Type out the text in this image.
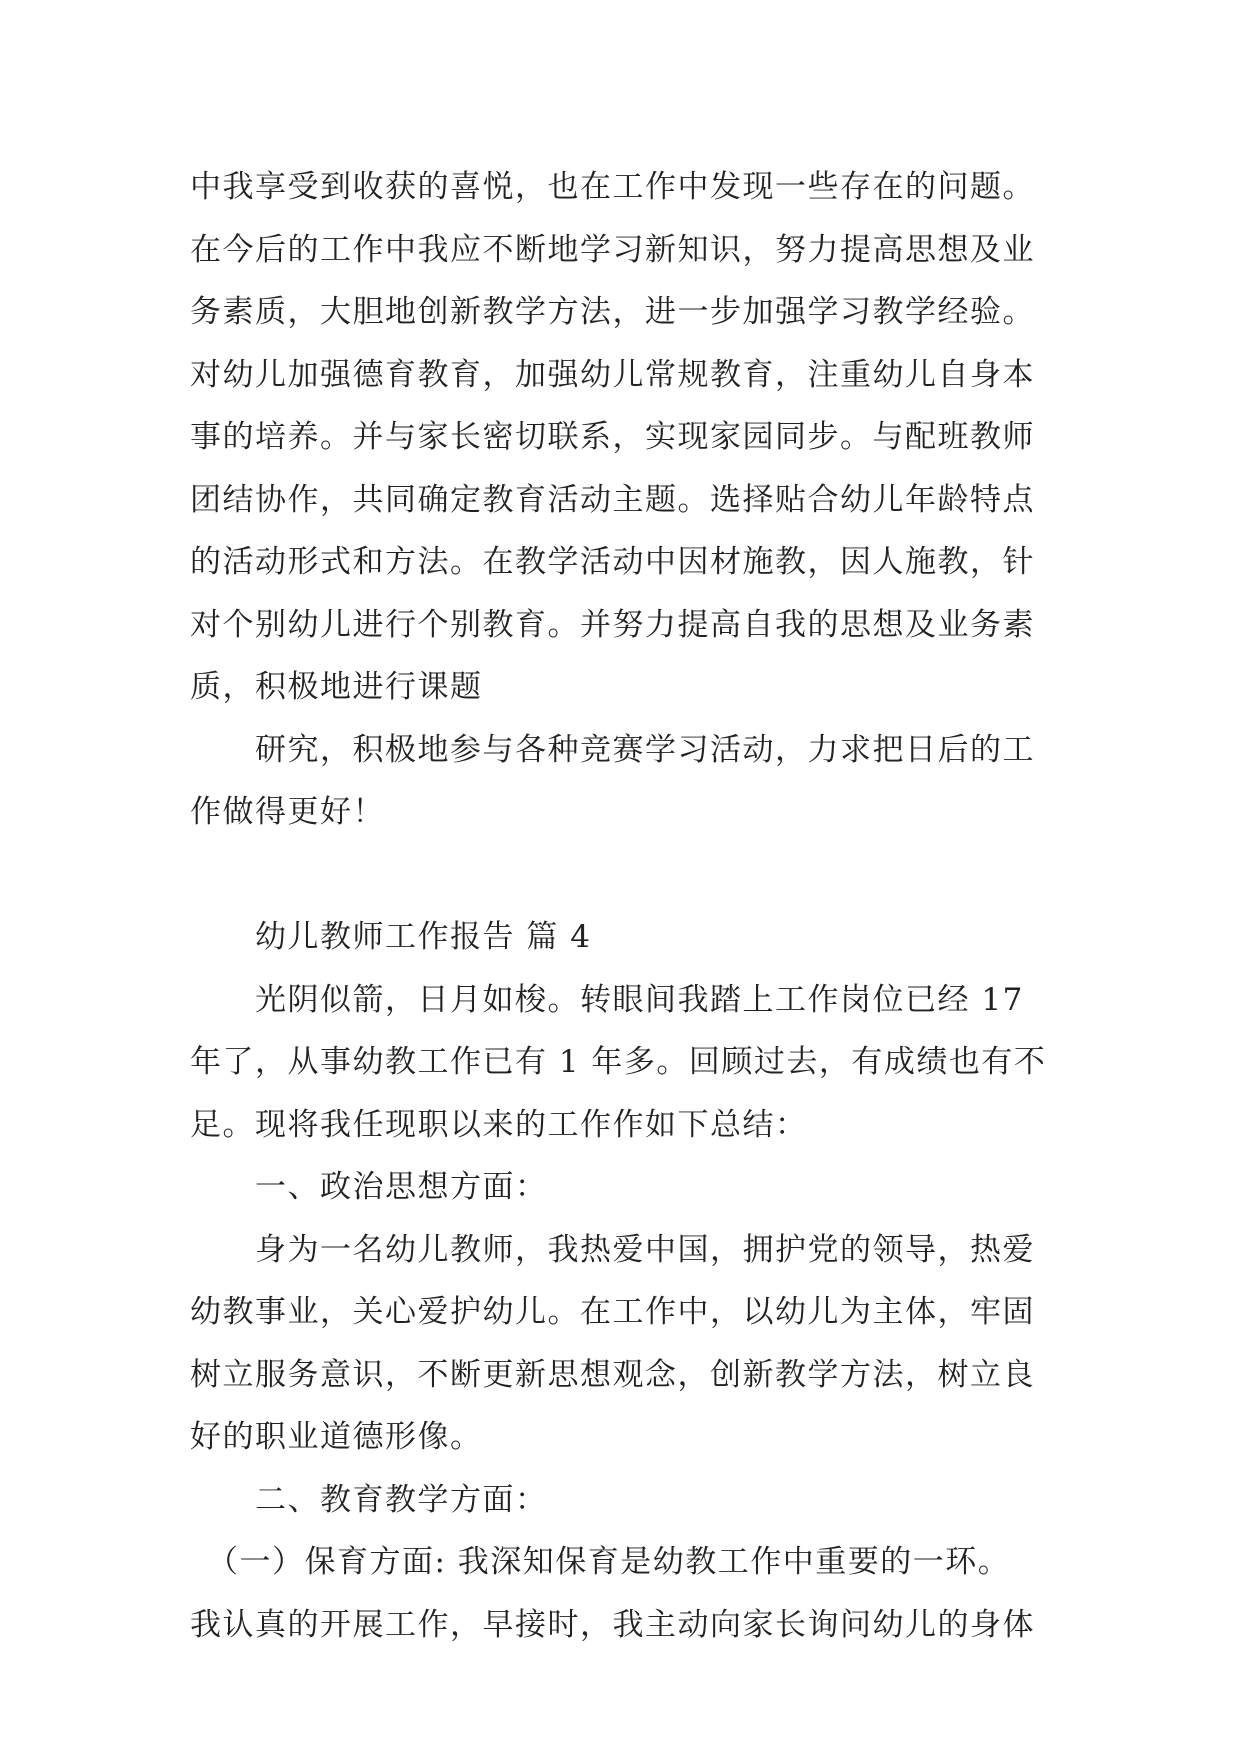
中我享受到收获的喜悦，也在工作中发现一些存在的问题。

在今后的工作中我应不断地学习新知识，努力提高思想及业

务素质，大胆地创新教学方法，进一步加强学习教学经验。

对幼儿加强德育教育，加强幼儿常规教育，注重幼儿自身本

事的培养。并与家长密切联系，实现家园同步。与配班教师

团结协作，共同确定教育活动主题。选择贴合幼儿年龄特点

的活动形式和方法。在教学活动中因材施教，因人施教，针

对个别幼儿进行个别教育。并努力提高自我的思想及业务素

质，积极地进行课题

　　研究，积极地参与各种竞赛学习活动，力求把日后的工

作做得更好！

　　幼儿教师工作报告 篇 4

　　光阴似箭，日月如梭。转眼间我踏上工作岗位已经 17

年了，从事幼教工作已有 1 年多。回顾过去，有成绩也有不

足。现将我任现职以来的工作作如下总结：

　　一、政治思想方面：

　　身为一名幼儿教师，我热爱中国，拥护党的领导，热爱

幼教事业，关心爱护幼儿。在工作中，以幼儿为主体，牢固

树立服务意识，不断更新思想观念，创新教学方法，树立良

好的职业道德形像。

　　二、教育教学方面：

　（一）保育方面: 我深知保育是幼教工作中重要的一环。

我认真的开展工作，早接时，我主动向家长询问幼儿的身体
